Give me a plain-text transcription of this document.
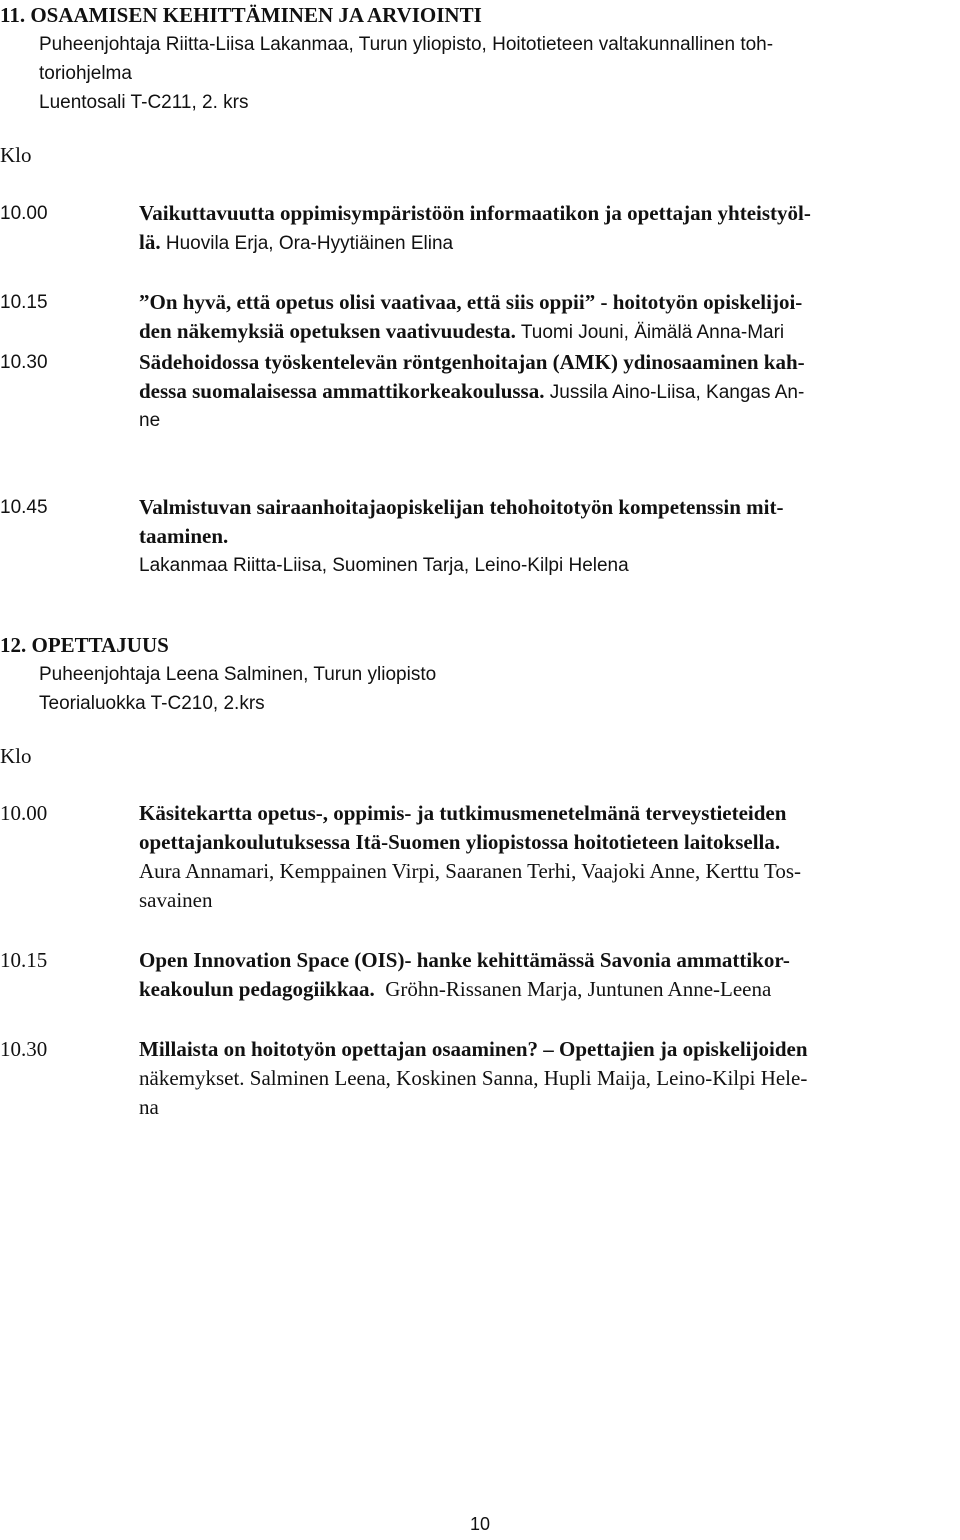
11. OSAAMISEN KEHITTÄMINEN JA ARVIOINTI

Puheenjohtaja Riitta-Liisa Lakanmaa, Turun yliopisto, Hoitotieteen valtakunnallinen toh-

toriohjelma

Luentosali T-C211, 2. krs

Klo

10.00	Vaikuttavuutta oppimisympäristöön informaatikon ja opettajan yhteistyöl-

lä. Huovila Erja, Ora-Hyytiäinen Elina

10.15	”On hyvä, että opetus olisi vaativaa, että siis oppii” - hoitotyön opiskelijoi-

den näkemyksiä opetuksen vaativuudesta. Tuomi Jouni, Äimälä Anna-Mari

10.30	Sädehoidossa työskentelevän röntgenhoitajan (AMK) ydinosaaminen kah-

dessa suomalaisessa ammattikorkeakoulussa. Jussila Aino-Liisa, Kangas An-

ne

10.45	Valmistuvan sairaanhoitajaopiskelijan tehohoitotyön kompetenssin mit-

taaminen.

Lakanmaa Riitta-Liisa, Suominen Tarja, Leino-Kilpi Helena

12. OPETTAJUUS

Puheenjohtaja Leena Salminen, Turun yliopisto

Teorialuokka T-C210, 2.krs

Klo

10.00	Käsitekartta opetus-, oppimis- ja tutkimusmenetelmänä terveystieteiden

opettajankoulutuksessa Itä-Suomen yliopistossa hoitotieteen laitoksella.

Aura Annamari, Kemppainen Virpi, Saaranen Terhi, Vaajoki Anne, Kerttu Tos-

savainen

10.15	Open Innovation Space (OIS)- hanke kehittämässä Savonia ammattikor-

keakoulun pedagogiikkaa.  Gröhn-Rissanen Marja, Juntunen Anne-Leena

10.30	Millaista on hoitotyön opettajan osaaminen? – Opettajien ja opiskelijoiden

näkemykset. Salminen Leena, Koskinen Sanna, Hupli Maija, Leino-Kilpi Hele-

na

10
